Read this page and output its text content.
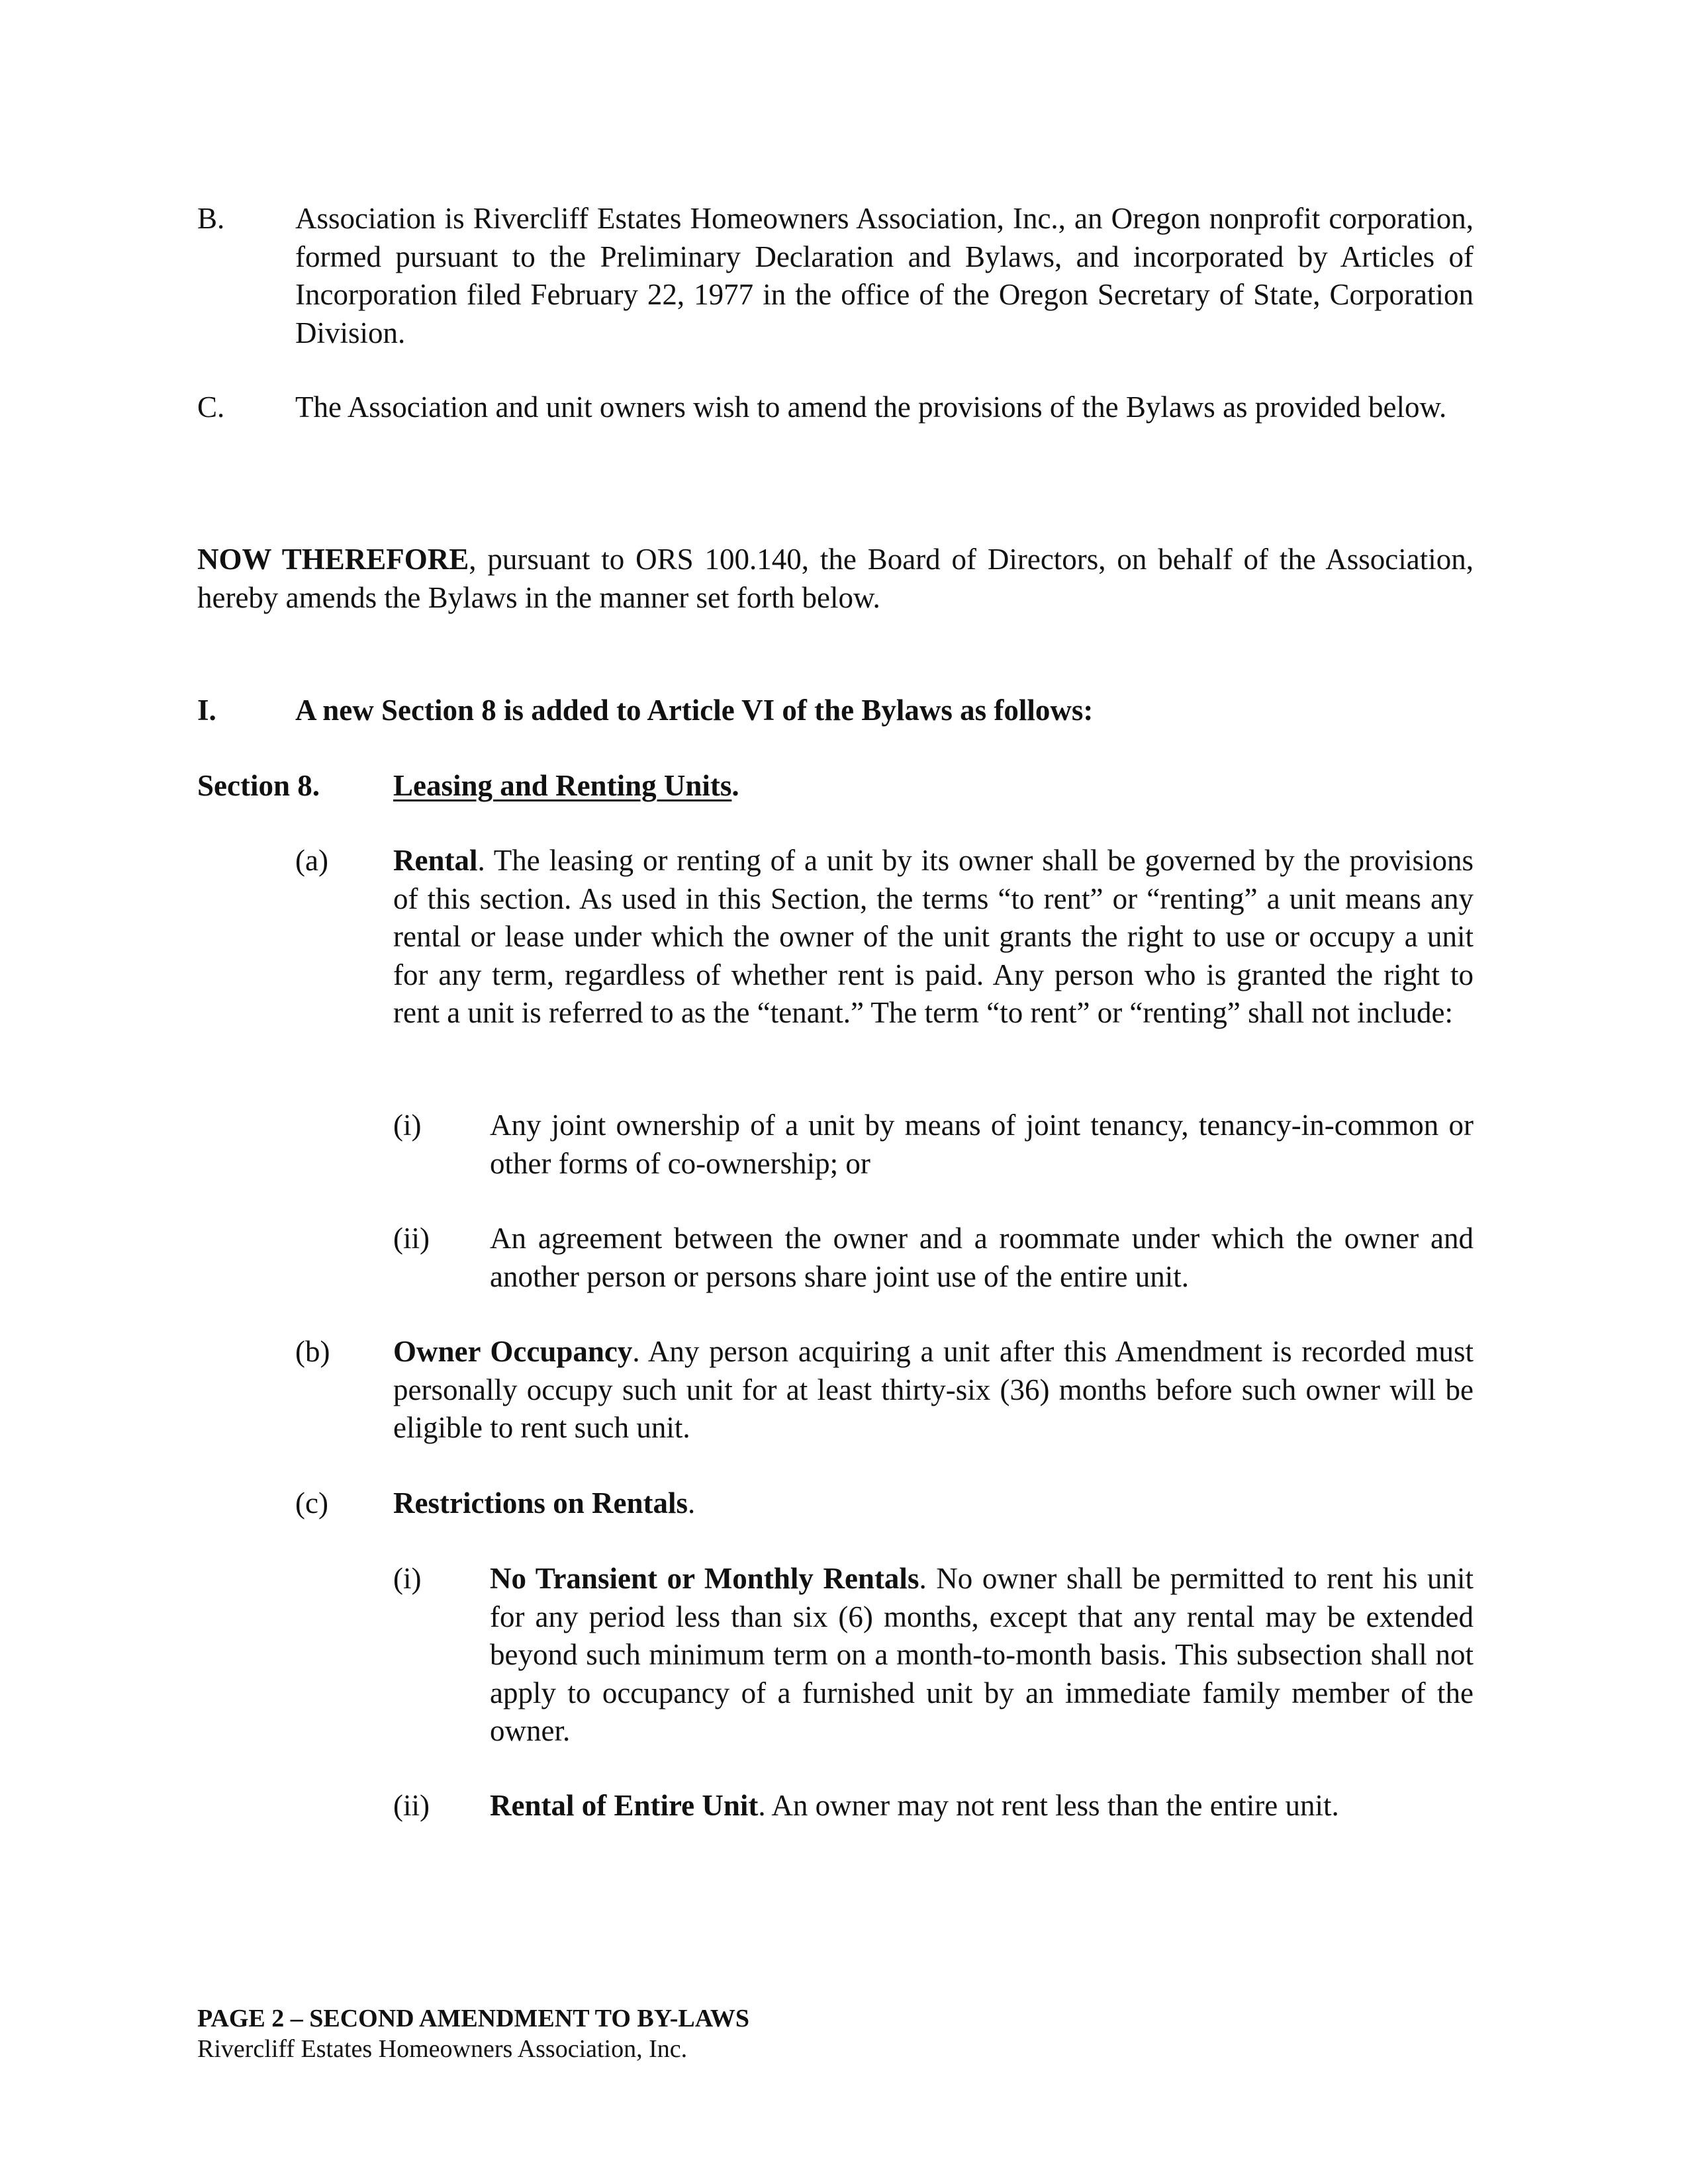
B. Association is Rivercliff Estates Homeowners Association, Inc., an Oregon nonprofit corporation, formed pursuant to the Preliminary Declaration and Bylaws, and incorporated by Articles of Incorporation filed February 22, 1977 in the office of the Oregon Secretary of State, Corporation Division.

C. The Association and unit owners wish to amend the provisions of the Bylaws as provided below.

NOW THEREFORE, pursuant to ORS 100.140, the Board of Directors, on behalf of the Association, hereby amends the Bylaws in the manner set forth below.

I.	A new Section 8 is added to Article VI of the Bylaws as follows:
Section 8. Leasing and Renting Units.
(a) Rental. The leasing or renting of a unit by its owner shall be governed by the provisions of this section. As used in this Section, the terms “to rent” or “renting” a unit means any rental or lease under which the owner of the unit grants the right to use or occupy a unit for any term, regardless of whether rent is paid. Any person who is granted the right to rent a unit is referred to as the “tenant.” The term “to rent” or “renting” shall not include:

(i) Any joint ownership of a unit by means of joint tenancy, tenancy-in-common or other forms of co-ownership; or

(ii) An agreement between the owner and a roommate under which the owner and another person or persons share joint use of the entire unit.

(b) Owner Occupancy. Any person acquiring a unit after this Amendment is recorded must personally occupy such unit for at least thirty-six (36) months before such owner will be eligible to rent such unit.

(c) Restrictions on Rentals.
(i) No Transient or Monthly Rentals. No owner shall be permitted to rent his unit for any period less than six (6) months, except that any rental may be extended beyond such minimum term on a month-to-month basis. This subsection shall not apply to occupancy of a furnished unit by an immediate family member of the owner.

(ii) Rental of Entire Unit. An owner may not rent less than the entire unit.

PAGE 2 – SECOND AMENDMENT TO BY-LAWS
Rivercliff Estates Homeowners Association, Inc.
